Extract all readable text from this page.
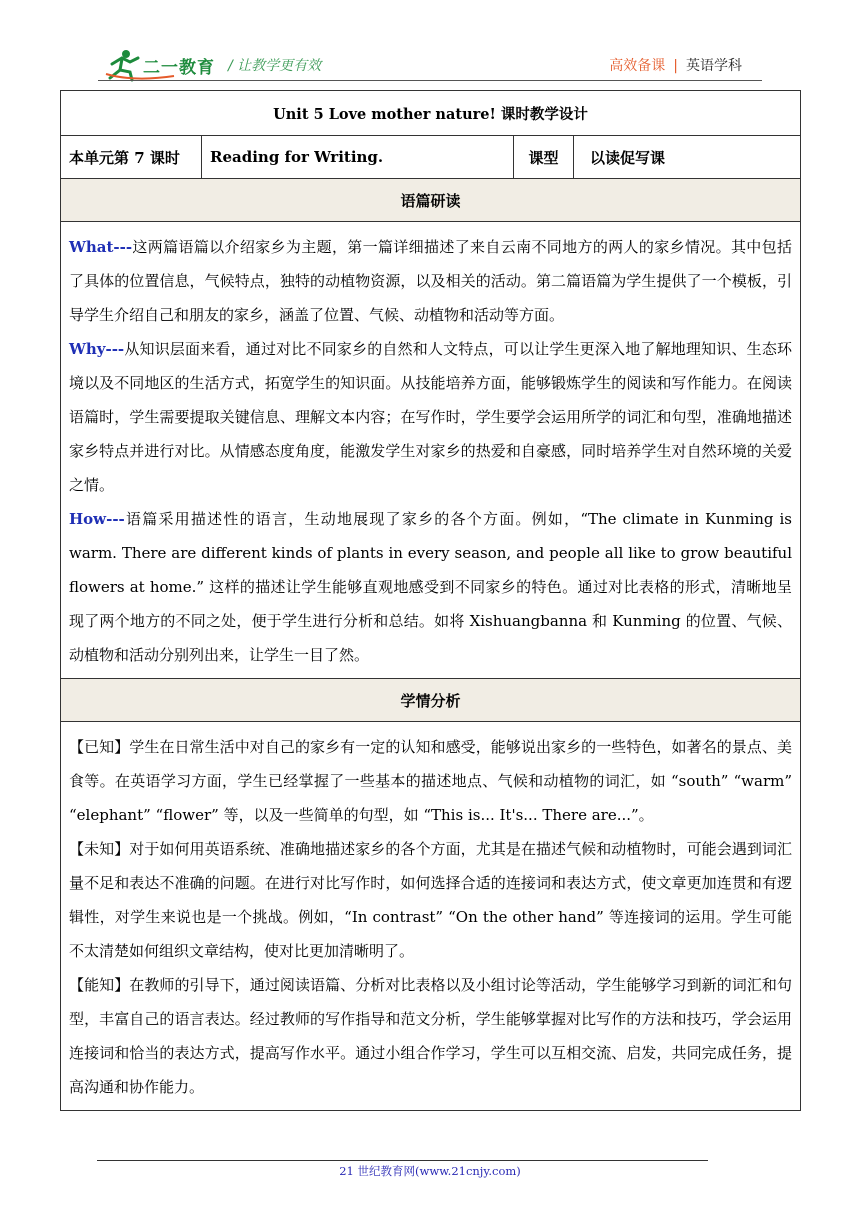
二一教育 / 让教学更有效	高效备课 | 英语学科
Unit 5 Love mother nature! 课时教学设计
本单元第 7 课时	Reading for Writing.	课型	以读促写课
语篇研读

What---这两篇语篇以介绍家乡为主题，第一篇详细描述了来自云南不同地方的两人的家乡情况。其中包括了具体的位置信息，气候特点，独特的动植物资源，以及相关的活动。第二篇语篇为学生提供了一个模板，引导学生介绍自己和朋友的家乡，涵盖了位置、气候、动植物和活动等方面。

Why---从知识层面来看，通过对比不同家乡的自然和人文特点，可以让学生更深入地了解地理知识、生态环境以及不同地区的生活方式，拓宽学生的知识面。从技能培养方面，能够锻炼学生的阅读和写作能力。在阅读语篇时，学生需要提取关键信息、理解文本内容；在写作时，学生要学会运用所学的词汇和句型，准确地描述家乡特点并进行对比。从情感态度角度，能激发学生对家乡的热爱和自豪感，同时培养学生对自然环境的关爱之情。

How---语篇采用描述性的语言，生动地展现了家乡的各个方面。例如，“The climate in Kunming is warm. There are different kinds of plants in every season, and people all like to grow beautiful flowers at home.” 这样的描述让学生能够直观地感受到不同家乡的特色。通过对比表格的形式，清晰地呈现了两个地方的不同之处，便于学生进行分析和总结。如将 Xishuangbanna 和 Kunming 的位置、气候、动植物和活动分别列出来，让学生一目了然。

学情分析

【已知】学生在日常生活中对自己的家乡有一定的认知和感受，能够说出家乡的一些特色，如著名的景点、美食等。在英语学习方面，学生已经掌握了一些基本的描述地点、气候和动植物的词汇，如 “south” “warm” “elephant” “flower” 等，以及一些简单的句型，如 “This is... It's... There are...”。

【未知】对于如何用英语系统、准确地描述家乡的各个方面，尤其是在描述气候和动植物时，可能会遇到词汇量不足和表达不准确的问题。在进行对比写作时，如何选择合适的连接词和表达方式，使文章更加连贯和有逻辑性，对学生来说也是一个挑战。例如，“In contrast” “On the other hand” 等连接词的运用。学生可能不太清楚如何组织文章结构，使对比更加清晰明了。

【能知】在教师的引导下，通过阅读语篇、分析对比表格以及小组讨论等活动，学生能够学习到新的词汇和句型，丰富自己的语言表达。经过教师的写作指导和范文分析，学生能够掌握对比写作的方法和技巧，学会运用连接词和恰当的表达方式，提高写作水平。通过小组合作学习，学生可以互相交流、启发，共同完成任务，提高沟通和协作能力。

21 世纪教育网(www.21cnjy.com)
